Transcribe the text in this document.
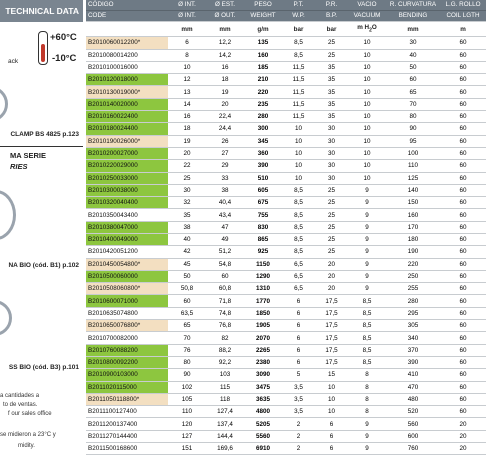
TECHNICAL DATA
+60°C
-10°C
ack
CLAMP BS 4825 p.123
MA SERIE
RIES
NA BIO (cód. B1) p.102
SS BIO (cód. B3) p.101
a cantidades a
to de ventas.
f our sales office
se midieron a 23°C y
midity.
CÓDIGO	Ø INT.	Ø EST.	PESO	P.T.	P.R.	VACIO	R. CURVATURA	L.G. ROLLO
CODE	Ø INT.	Ø OUT.	WEIGHT	W.P.	B.P.	VACUUM	BENDING	COIL LGTH
	mm	mm	g/m	bar	bar	m $H_2O$	mm	m
B2010060012200*	6	12,2	135	8,5	25	10	30	60
B2010080014200	8	14,2	160	8,5	25	10	40	60
B2010100016000	10	16	185	11,5	35	10	50	60
B2010120018000	12	18	210	11,5	35	10	60	60
B2010130019000*	13	19	220	11,5	35	10	65	60
B2010140020000	14	20	235	11,5	35	10	70	60
B2010160022400	16	22,4	280	11,5	35	10	80	60
B2010180024400	18	24,4	300	10	30	10	90	60
B2010190026000*	19	26	345	10	30	10	95	60
B2010200027000	20	27	360	10	30	10	100	60
B2010220029000	22	29	390	10	30	10	110	60
B2010250033000	25	33	510	10	30	10	125	60
B2010300038000	30	38	605	8,5	25	9	140	60
B2010320040400	32	40,4	675	8,5	25	9	150	60
B2010350043400	35	43,4	755	8,5	25	9	160	60
B2010380047000	38	47	830	8,5	25	9	170	60
B2010400049000	40	49	865	8,5	25	9	180	60
B2010420051200	42	51,2	925	8,5	25	9	190	60
B2010450054800*	45	54,8	1150	6,5	20	9	220	60
B2010500060000	50	60	1290	6,5	20	9	250	60
B2010508060800*	50,8	60,8	1310	6,5	20	9	255	60
B2010600071000	60	71,8	1770	6	17,5	8,5	280	60
B2010635074800	63,5	74,8	1850	6	17,5	8,5	295	60
B2010650076800*	65	76,8	1905	6	17,5	8,5	305	60
B2010700082000	70	82	2070	6	17,5	8,5	340	60
B2010760088200	76	88,2	2265	6	17,5	8,5	370	60
B2010800092200	80	92,2	2380	6	17,5	8,5	390	60
B2010900103000	90	103	3090	5	15	8	410	60
B2011020115000	102	115	3475	3,5	10	8	470	60
B2011050118800*	105	118	3635	3,5	10	8	480	60
B2011100127400	110	127,4	4800	3,5	10	8	520	60
B2011200137400	120	137,4	5205	2	6	9	560	20
B2011270144400	127	144,4	5560	2	6	9	600	20
B2011500168600	151	169,6	6910	2	6	9	760	20
